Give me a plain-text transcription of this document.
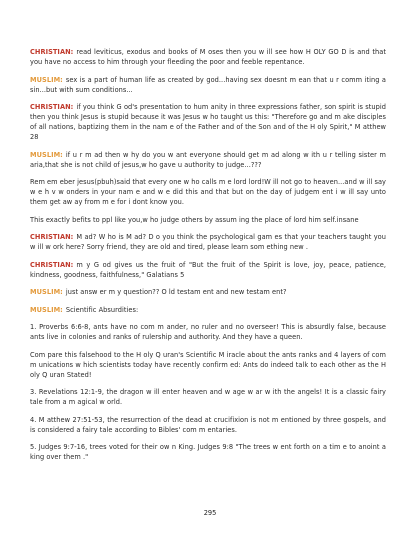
CHRISTIAN: read leviticus, exodus and books of M oses then you w ill see how H OLY GO D is and that you have no access to him through your fleeding the poor and feeble repentance.

MUSLIM: sex is a part of human life as created by god...having sex doesnt m ean that u r comm iting a sin...but with sum conditions...

CHRISTIAN: if you think G od's presentation to hum anity in three expressions father, son spirit is stupid then you think Jesus is stupid because it was Jesus w ho taught us this: "Therefore go and m ake disciples of all nations, baptizing them in the nam e of the Father and of the Son and of the H oly Spirit," M atthew 28

MUSLIM: if u r m ad then w hy do you w ant everyone should get m ad along w ith u r telling sister m aria,that she is not child of jesus,w ho gave u authority to judge...???

Rem em eber jesus(pbuh)said that every one w ho calls m e lord lord!W ill not go to heaven...and w ill say w e h v w onders in your nam e and w e did this and that but on the day of judgem ent i w ill say unto them get aw ay from m e for i dont know you.

This exactly befits to ppl like you,w ho judge others by assum ing the place of lord him self.insane

CHRISTIAN: M ad? W ho is M ad? D o you think the psychological gam es that your teachers taught you w ill w ork here? Sorry friend, they are old and tired, please learn som ething new .

CHRISTIAN: m y G od gives us the fruit of "But the fruit of the Spirit is love, joy, peace, patience, kindness, goodness, faithfulness," Galatians 5

MUSLIM: just answ er m y question?? O ld testam ent and new testam ent?

MUSLIM: Scientific Absurdities:

1. Proverbs 6:6-8, ants have no com m ander, no ruler and no overseer! This is absurdly false, because ants live in colonies and ranks of rulership and authority. And they have a queen.

Com pare this falsehood to the H oly Q uran's Scientific M iracle about the ants ranks and 4 layers of com m unications w hich scientists today have recently confirm ed: Ants do indeed talk to each other as the H oly Q uran Stated!

3. Revelations 12:1-9, the dragon w ill enter heaven and w age w ar w ith the angels! It is a classic fairy tale from a m agical w orld.

4. M atthew 27:51-53, the resurrection of the dead at crucifixion is not m entioned by three gospels, and is considered a fairy tale according to Bibles' com m entaries.

5. Judges 9:7-16, trees voted for their ow n King. Judges 9:8 "The trees w ent forth on a tim e to anoint a king over them ."

295
